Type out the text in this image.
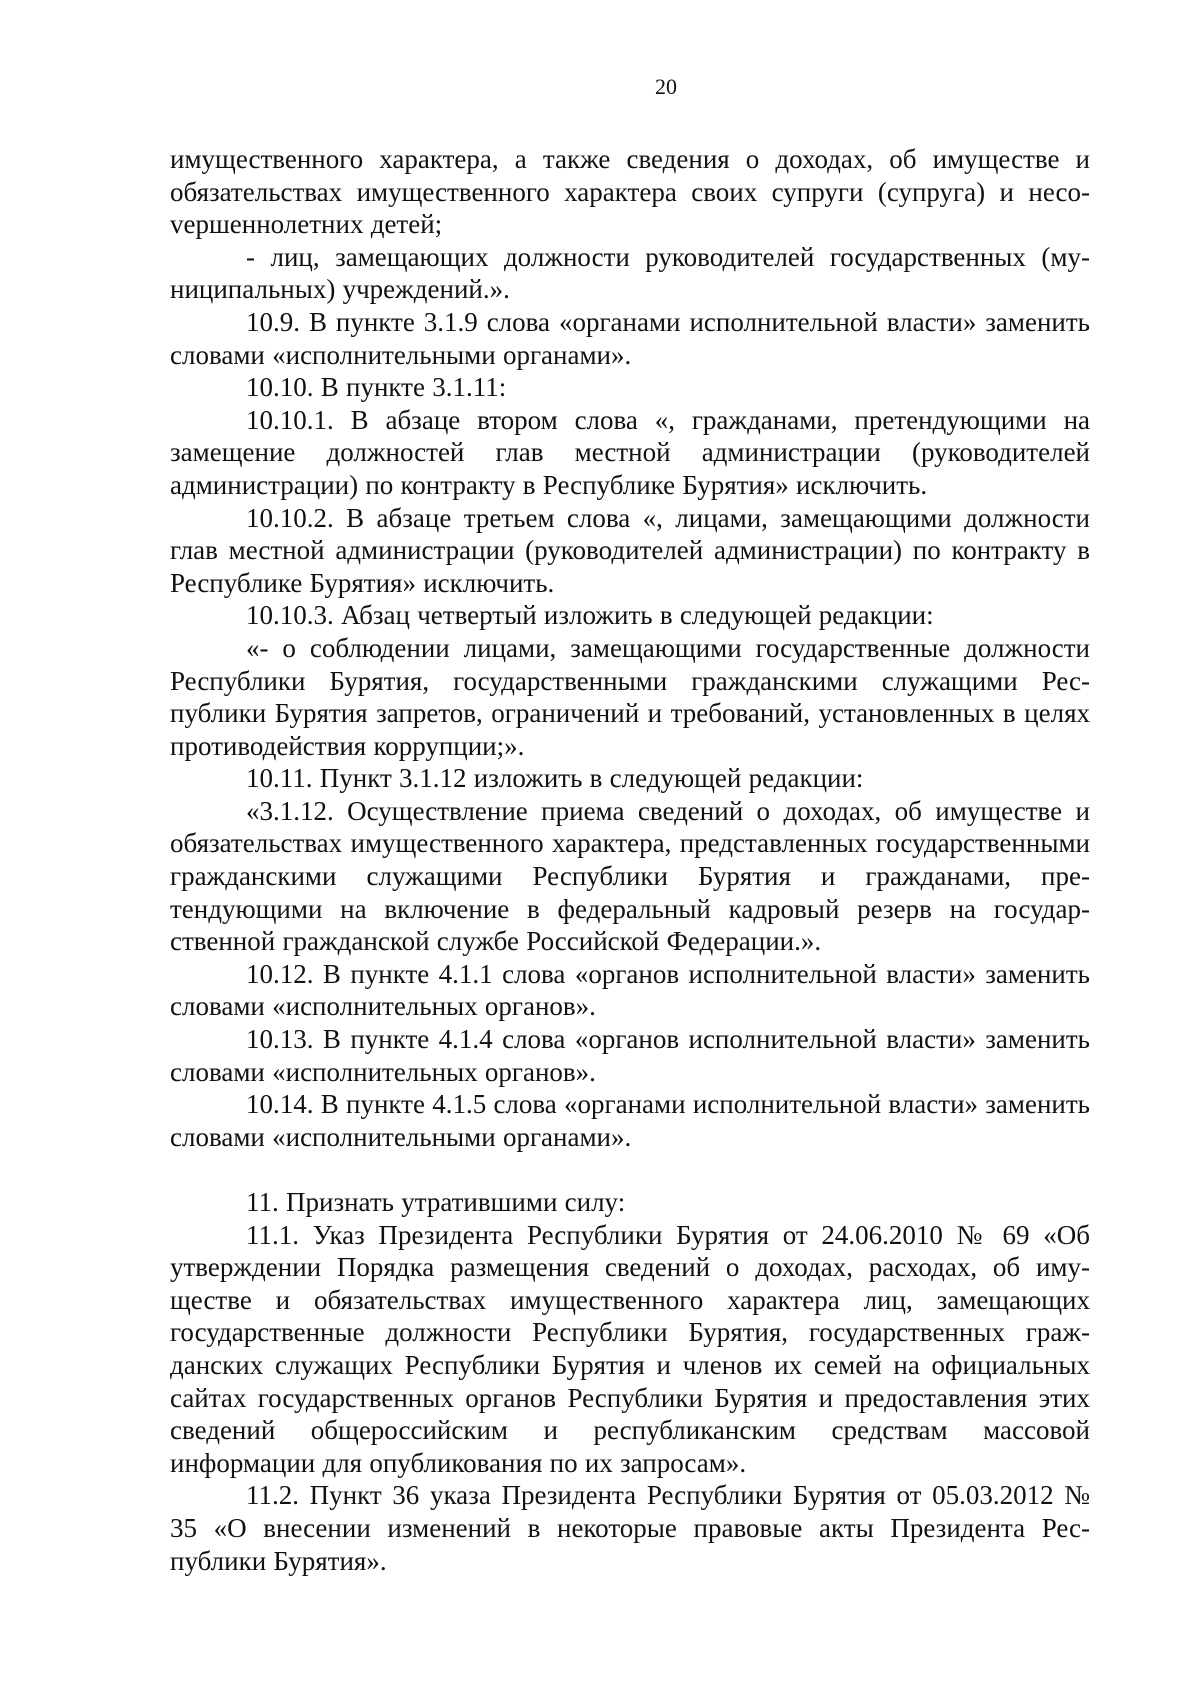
20

имущественного характера, а также сведения о доходах, об имуществе и обязательствах имущественного характера своих супруги (супруга) и несоvершеннолетних детей;

- лиц, замещающих должности руководителей государственных (муниципальных) учреждений.».

10.9. В пункте 3.1.9 слова «органами исполнительной власти» заменить словами «исполнительными органами».

10.10. В пункте 3.1.11:

10.10.1. В абзаце втором слова «, гражданами, претендующими на замещение должностей глав местной администрации (руководителей администрации) по контракту в Республике Бурятия» исключить.

10.10.2. В абзаце третьем слова «, лицами, замещающими должности глав местной администрации (руководителей администрации) по контракту в Республике Бурятия» исключить.

10.10.3. Абзац четвертый изложить в следующей редакции:

«- о соблюдении лицами, замещающими государственные должности Республики Бурятия, государственными гражданскими служащими Республики Бурятия запретов, ограничений и требований, установленных в целях противодействия коррупции;».

10.11. Пункт 3.1.12 изложить в следующей редакции:

«3.1.12. Осуществление приема сведений о доходах, об имуществе и обязательствах имущественного характера, представленных государственными гражданскими служащими Республики Бурятия и гражданами, претендующими на включение в федеральный кадровый резерв на государственной гражданской службе Российской Федерации.».

10.12. В пункте 4.1.1 слова «органов исполнительной власти» заменить словами «исполнительных органов».

10.13. В пункте 4.1.4 слова «органов исполнительной власти» заменить словами «исполнительных органов».

10.14. В пункте 4.1.5 слова «органами исполнительной власти» заменить словами «исполнительными органами».

11. Признать утратившими силу:

11.1. Указ Президента Республики Бурятия от 24.06.2010 № 69 «Об утверждении Порядка размещения сведений о доходах, расходах, об имуществе и обязательствах имущественного характера лиц, замещающих государственные должности Республики Бурятия, государственных гражданских служащих Республики Бурятия и членов их семей на официальных сайтах государственных органов Республики Бурятия и предоставления этих сведений общероссийским и республиканским средствам массовой информации для опубликования по их запросам».

11.2. Пункт 36 указа Президента Республики Бурятия от 05.03.2012 № 35 «О внесении изменений в некоторые правовые акты Президента Республики Бурятия».
